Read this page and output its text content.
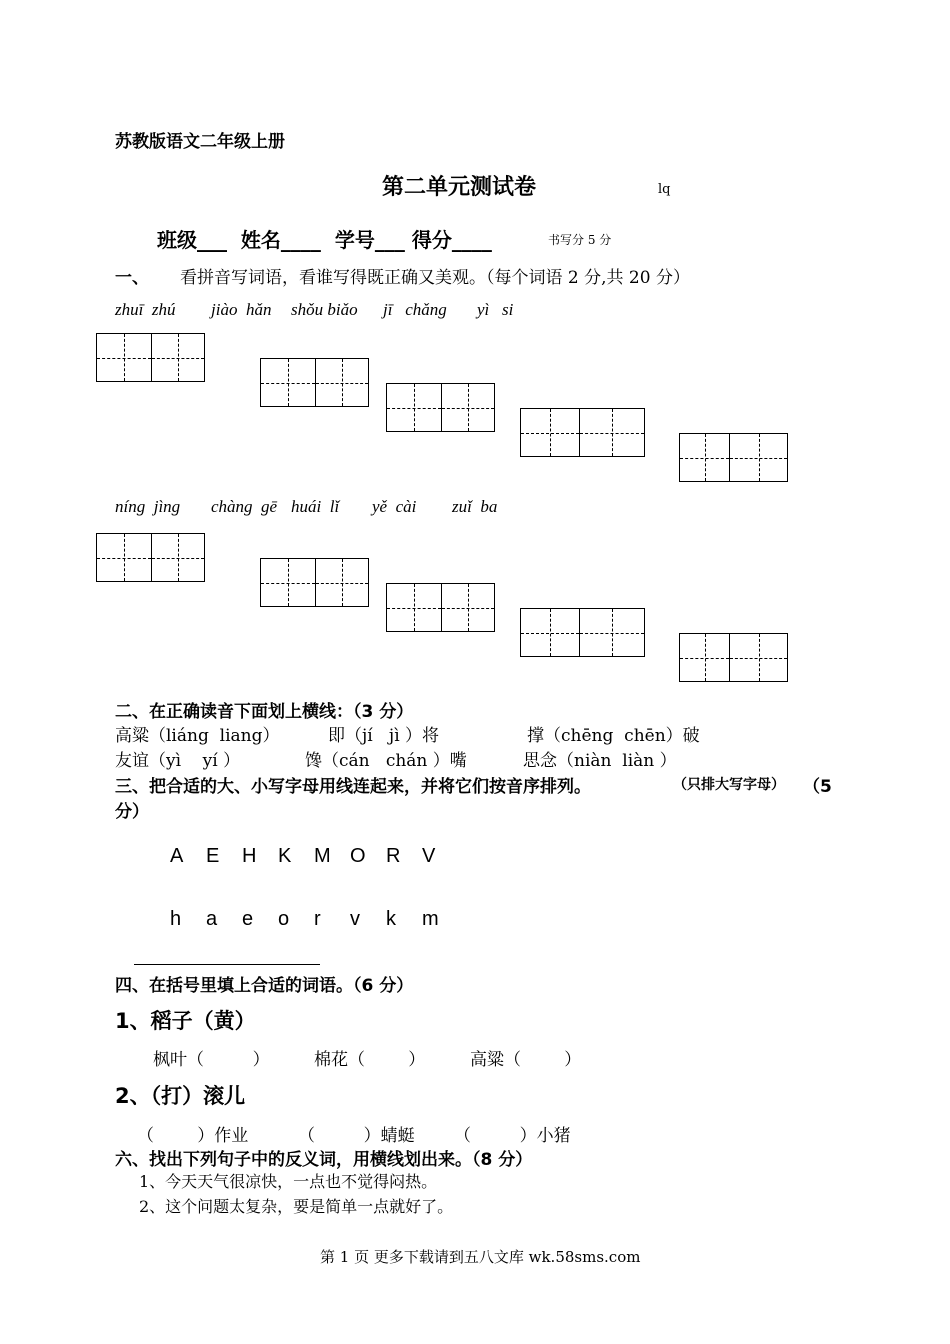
苏教版语文二年级上册
第二单元测试卷	lq
班级___  姓名____  学号___ 得分____	书写分 5 分
一、 看拼音写词语，看谁写得既正确又美观。（每个词语 2 分,共 20 分）
zhuī  zhú jiào  hǎn shǒu biǎo jī   chǎng yì   si
níng  jìng chàng  gē huái  lǐ yě  cài zuǐ  ba
二、在正确读音下面划上横线：（3 分）
高粱（liáng  liang）	即（jí   jì ）将	撑（chēng  chēn）破
友谊（yì    yí ）	馋（cán   chán ）嘴	思念（niàn  liàn ）
三、把合适的大、小写字母用线连起来，并将它们按音序排列。	（只排大写字母） （5
分）
A E H K M O R V
h a e o r v k m
四、在括号里填上合适的词语。（6 分）
1、稻子（黄）
枫叶（         ）	棉花（        ）	高粱（        ）
2、（打）滚儿
（        ）作业	（         ）蜻蜓 （         ）小猪
六、找出下列句子中的反义词，用横线划出来。（8 分）
1、今天天气很凉快，一点也不觉得闷热。
2、这个问题太复杂，要是简单一点就好了。
第 1 页 更多下载请到五八文库 wk.58sms.com
